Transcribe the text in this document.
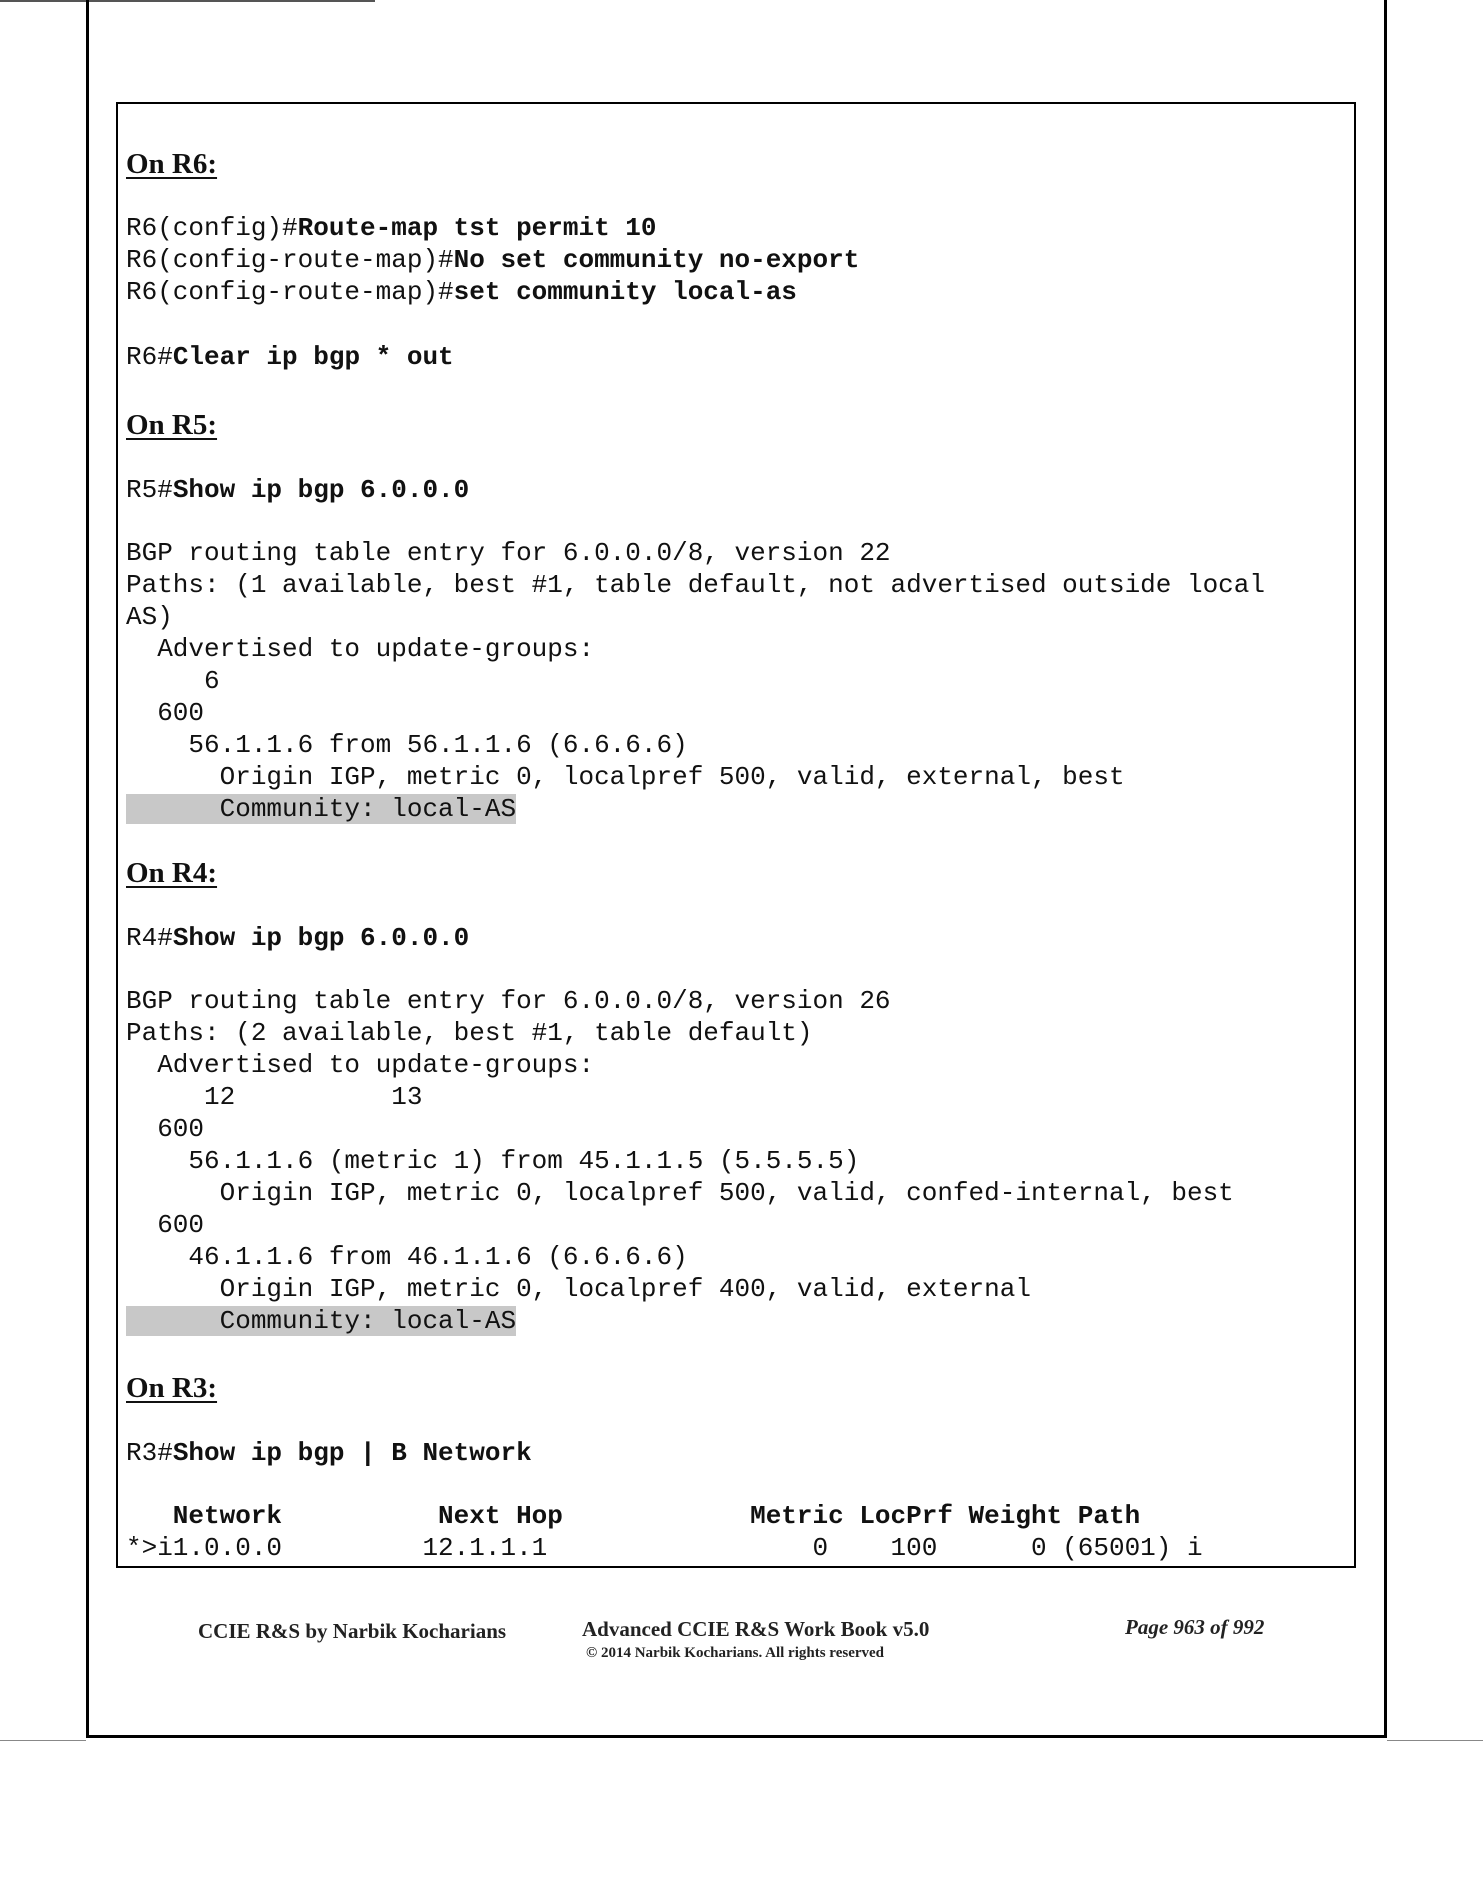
On R6:
R6(config)#Route-map tst permit 10
R6(config-route-map)#No set community no-export
R6(config-route-map)#set community local-as
R6#Clear ip bgp * out
On R5:
R5#Show ip bgp 6.0.0.0
BGP routing table entry for 6.0.0.0/8, version 22
Paths: (1 available, best #1, table default, not advertised outside local
AS)
Advertised to update-groups:
6
600
56.1.1.6 from 56.1.1.6 (6.6.6.6)
Origin IGP, metric 0, localpref 500, valid, external, best
Community: local-AS
On R4:
R4#Show ip bgp 6.0.0.0
BGP routing table entry for 6.0.0.0/8, version 26
Paths: (2 available, best #1, table default)
Advertised to update-groups:
12          13
600
56.1.1.6 (metric 1) from 45.1.1.5 (5.5.5.5)
Origin IGP, metric 0, localpref 500, valid, confed-internal, best
600
46.1.1.6 from 46.1.1.6 (6.6.6.6)
Origin IGP, metric 0, localpref 400, valid, external
Community: local-AS
On R3:
R3#Show ip bgp | B Network
Network          Next Hop            Metric LocPrf Weight Path
*>i1.0.0.0         12.1.1.1                 0    100      0 (65001) i
CCIE R&S by Narbik Kocharians	Advanced CCIE R&S Work Book v5.0
© 2014 Narbik Kocharians. All rights reserved
Page 963 of 992
